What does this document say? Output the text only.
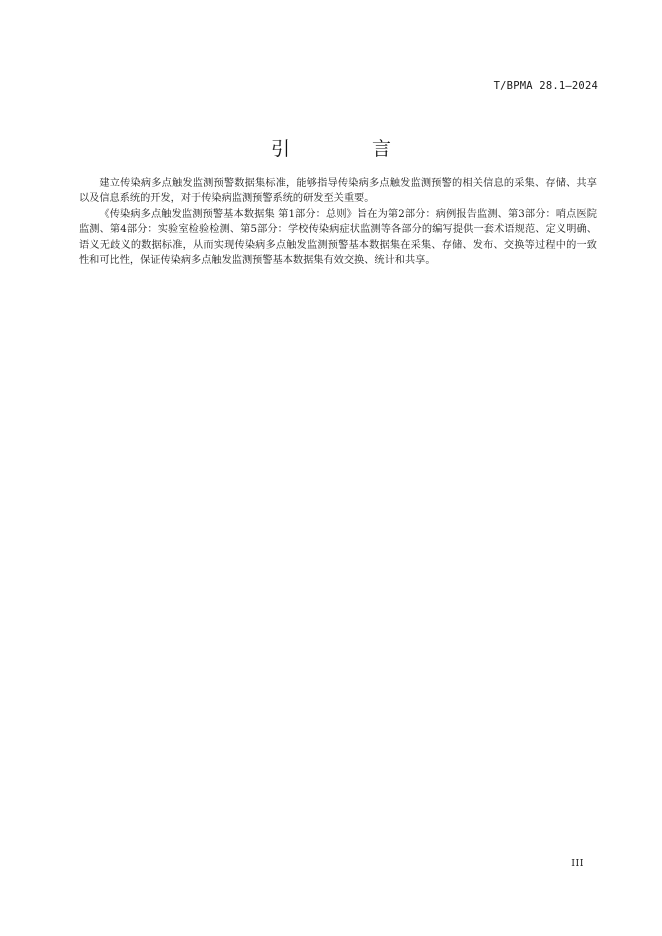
T/BPMA 28.1—2024
引 言

建立传染病多点触发监测预警数据集标准，能够指导传染病多点触发监测预警的相关信息的采集、存储、共享以及信息系统的开发，对于传染病监测预警系统的研发至关重要。

《传染病多点触发监测预警基本数据集 第1部分：总则》旨在为第2部分：病例报告监测、第3部分：哨点医院监测、第4部分：实验室检验检测、第5部分：学校传染病症状监测等各部分的编写提供一套术语规范、定义明确、语义无歧义的数据标准，从而实现传染病多点触发监测预警基本数据集在采集、存储、发布、交换等过程中的一致性和可比性，保证传染病多点触发监测预警基本数据集有效交换、统计和共享。

III
